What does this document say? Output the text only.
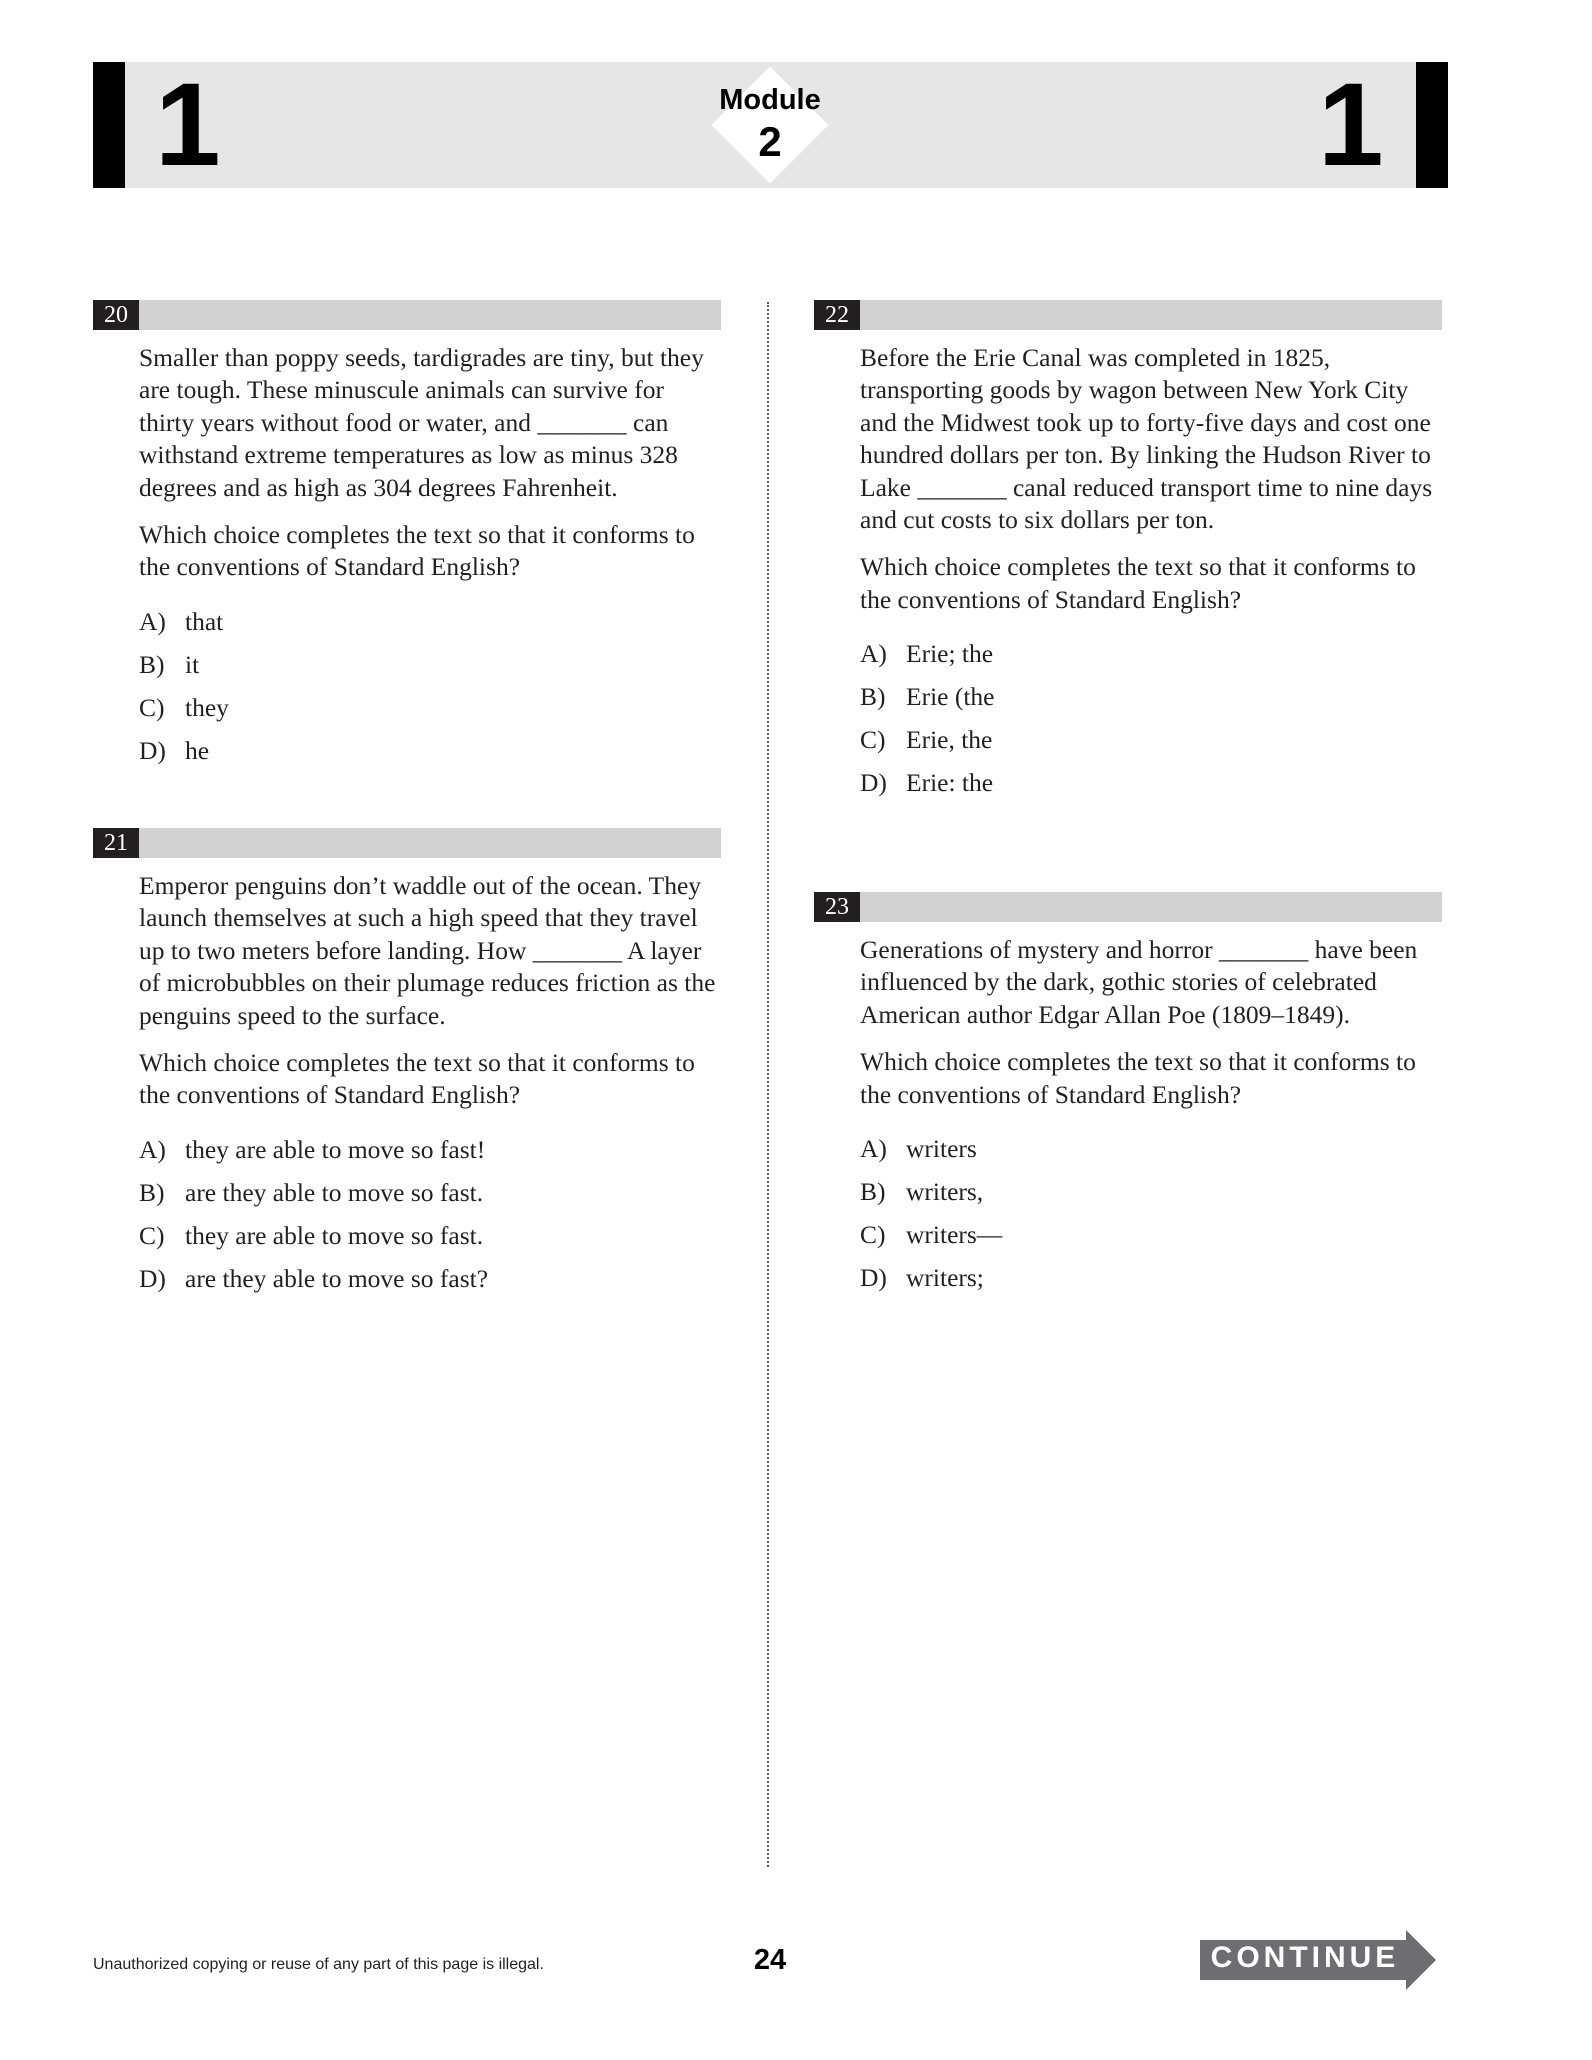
1	1
Module
2
20
Smaller than poppy seeds, tardigrades are tiny, but they are tough. These minuscule animals can survive for thirty years without food or water, and _______ can withstand extreme temperatures as low as minus 328 degrees and as high as 304 degrees Fahrenheit.
Which choice completes the text so that it conforms to the conventions of Standard English?
A) that
B) it
C) they
D) he
21
Emperor penguins don’t waddle out of the ocean. They launch themselves at such a high speed that they travel up to two meters before landing. How _______ A layer of microbubbles on their plumage reduces friction as the penguins speed to the surface.
Which choice completes the text so that it conforms to the conventions of Standard English?
A) they are able to move so fast!
B) are they able to move so fast.
C) they are able to move so fast.
D) are they able to move so fast?
22
Before the Erie Canal was completed in 1825, transporting goods by wagon between New York City and the Midwest took up to forty-five days and cost one hundred dollars per ton. By linking the Hudson River to Lake _______ canal reduced transport time to nine days and cut costs to six dollars per ton.
Which choice completes the text so that it conforms to the conventions of Standard English?
A) Erie; the
B) Erie (the
C) Erie, the
D) Erie: the
23
Generations of mystery and horror _______ have been influenced by the dark, gothic stories of celebrated American author Edgar Allan Poe (1809–1849).
Which choice completes the text so that it conforms to the conventions of Standard English?
A) writers
B) writers,
C) writers—
D) writers;
Unauthorized copying or reuse of any part of this page is illegal.	24	CONTINUE
